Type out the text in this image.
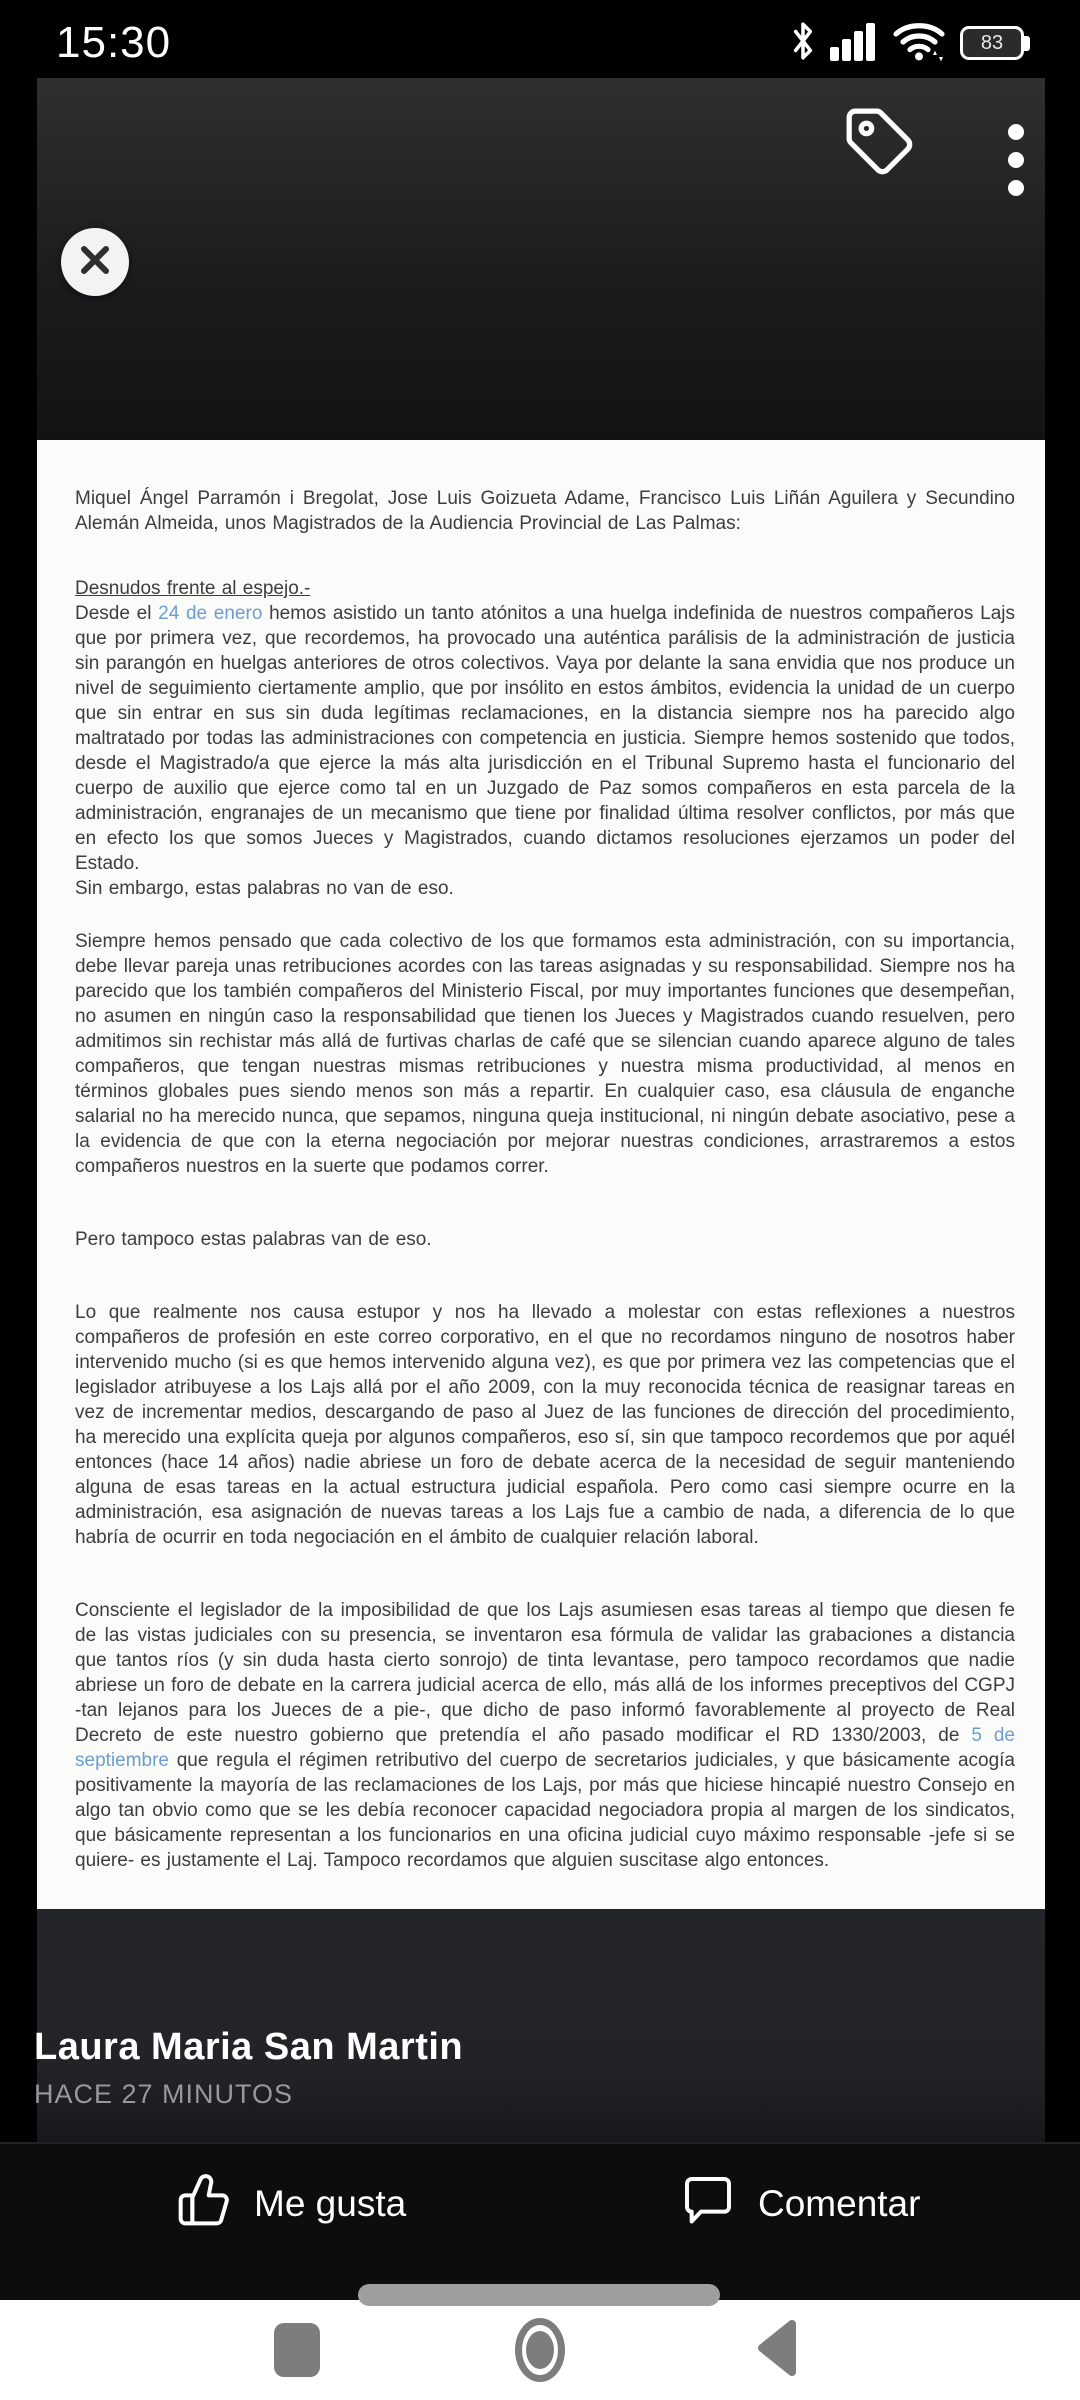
15:30	83
Miquel Ángel Parramón i Bregolat, Jose Luis Goizueta Adame, Francisco Luis Liñán Aguilera y Secundino Alemán Almeida, unos Magistrados de la Audiencia Provincial de Las Palmas:
Desnudos frente al espejo.-
Desde el 24 de enero hemos asistido un tanto atónitos a una huelga indefinida de nuestros compañeros Lajs que por primera vez, que recordemos, ha provocado una auténtica parálisis de la administración de justicia sin parangón en huelgas anteriores de otros colectivos. Vaya por delante la sana envidia que nos produce un nivel de seguimiento ciertamente amplio, que por insólito en estos ámbitos, evidencia la unidad de un cuerpo que sin entrar en sus sin duda legítimas reclamaciones, en la distancia siempre nos ha parecido algo maltratado por todas las administraciones con competencia en justicia. Siempre hemos sostenido que todos, desde el Magistrado/a que ejerce la más alta jurisdicción en el Tribunal Supremo hasta el funcionario del cuerpo de auxilio que ejerce como tal en un Juzgado de Paz somos compañeros en esta parcela de la administración, engranajes de un mecanismo que tiene por finalidad última resolver conflictos, por más que en efecto los que somos Jueces y Magistrados, cuando dictamos resoluciones ejerzamos un poder del Estado.
Sin embargo, estas palabras no van de eso.
Siempre hemos pensado que cada colectivo de los que formamos esta administración, con su importancia, debe llevar pareja unas retribuciones acordes con las tareas asignadas y su responsabilidad. Siempre nos ha parecido que los también compañeros del Ministerio Fiscal, por muy importantes funciones que desempeñan, no asumen en ningún caso la responsabilidad que tienen los Jueces y Magistrados cuando resuelven, pero admitimos sin rechistar más allá de furtivas charlas de café que se silencian cuando aparece alguno de tales compañeros, que tengan nuestras mismas retribuciones y nuestra misma productividad, al menos en términos globales pues siendo menos son más a repartir. En cualquier caso, esa cláusula de enganche salarial no ha merecido nunca, que sepamos, ninguna queja institucional, ni ningún debate asociativo, pese a la evidencia de que con la eterna negociación por mejorar nuestras condiciones, arrastraremos a estos compañeros nuestros en la suerte que podamos correr.
Pero tampoco estas palabras van de eso.
Lo que realmente nos causa estupor y nos ha llevado a molestar con estas reflexiones a nuestros compañeros de profesión en este correo corporativo, en el que no recordamos ninguno de nosotros haber intervenido mucho (si es que hemos intervenido alguna vez), es que por primera vez las competencias que el legislador atribuyese a los Lajs allá por el año 2009, con la muy reconocida técnica de reasignar tareas en vez de incrementar medios, descargando de paso al Juez de las funciones de dirección del procedimiento, ha merecido una explícita queja por algunos compañeros, eso sí, sin que tampoco recordemos que por aquél entonces (hace 14 años) nadie abriese un foro de debate acerca de la necesidad de seguir manteniendo alguna de esas tareas en la actual estructura judicial española. Pero como casi siempre ocurre en la administración, esa asignación de nuevas tareas a los Lajs fue a cambio de nada, a diferencia de lo que habría de ocurrir en toda negociación en el ámbito de cualquier relación laboral.
Consciente el legislador de la imposibilidad de que los Lajs asumiesen esas tareas al tiempo que diesen fe de las vistas judiciales con su presencia, se inventaron esa fórmula de validar las grabaciones a distancia que tantos ríos (y sin duda hasta cierto sonrojo) de tinta levantase, pero tampoco recordamos que nadie abriese un foro de debate en la carrera judicial acerca de ello, más allá de los informes preceptivos del CGPJ -tan lejanos para los Jueces de a pie-, que dicho de paso informó favorablemente al proyecto de Real Decreto de este nuestro gobierno que pretendía el año pasado modificar el RD 1330/2003, de 5 de septiembre que regula el régimen retributivo del cuerpo de secretarios judiciales, y que básicamente acogía positivamente la mayoría de las reclamaciones de los Lajs, por más que hiciese hincapié nuestro Consejo en algo tan obvio como que se les debía reconocer capacidad negociadora propia al margen de los sindicatos, que básicamente representan a los funcionarios en una oficina judicial cuyo máximo responsable -jefe si se quiere- es justamente el Laj. Tampoco recordamos que alguien suscitase algo entonces.
Laura Maria San Martin
HACE 27 MINUTOS
Me gusta	Comentar
